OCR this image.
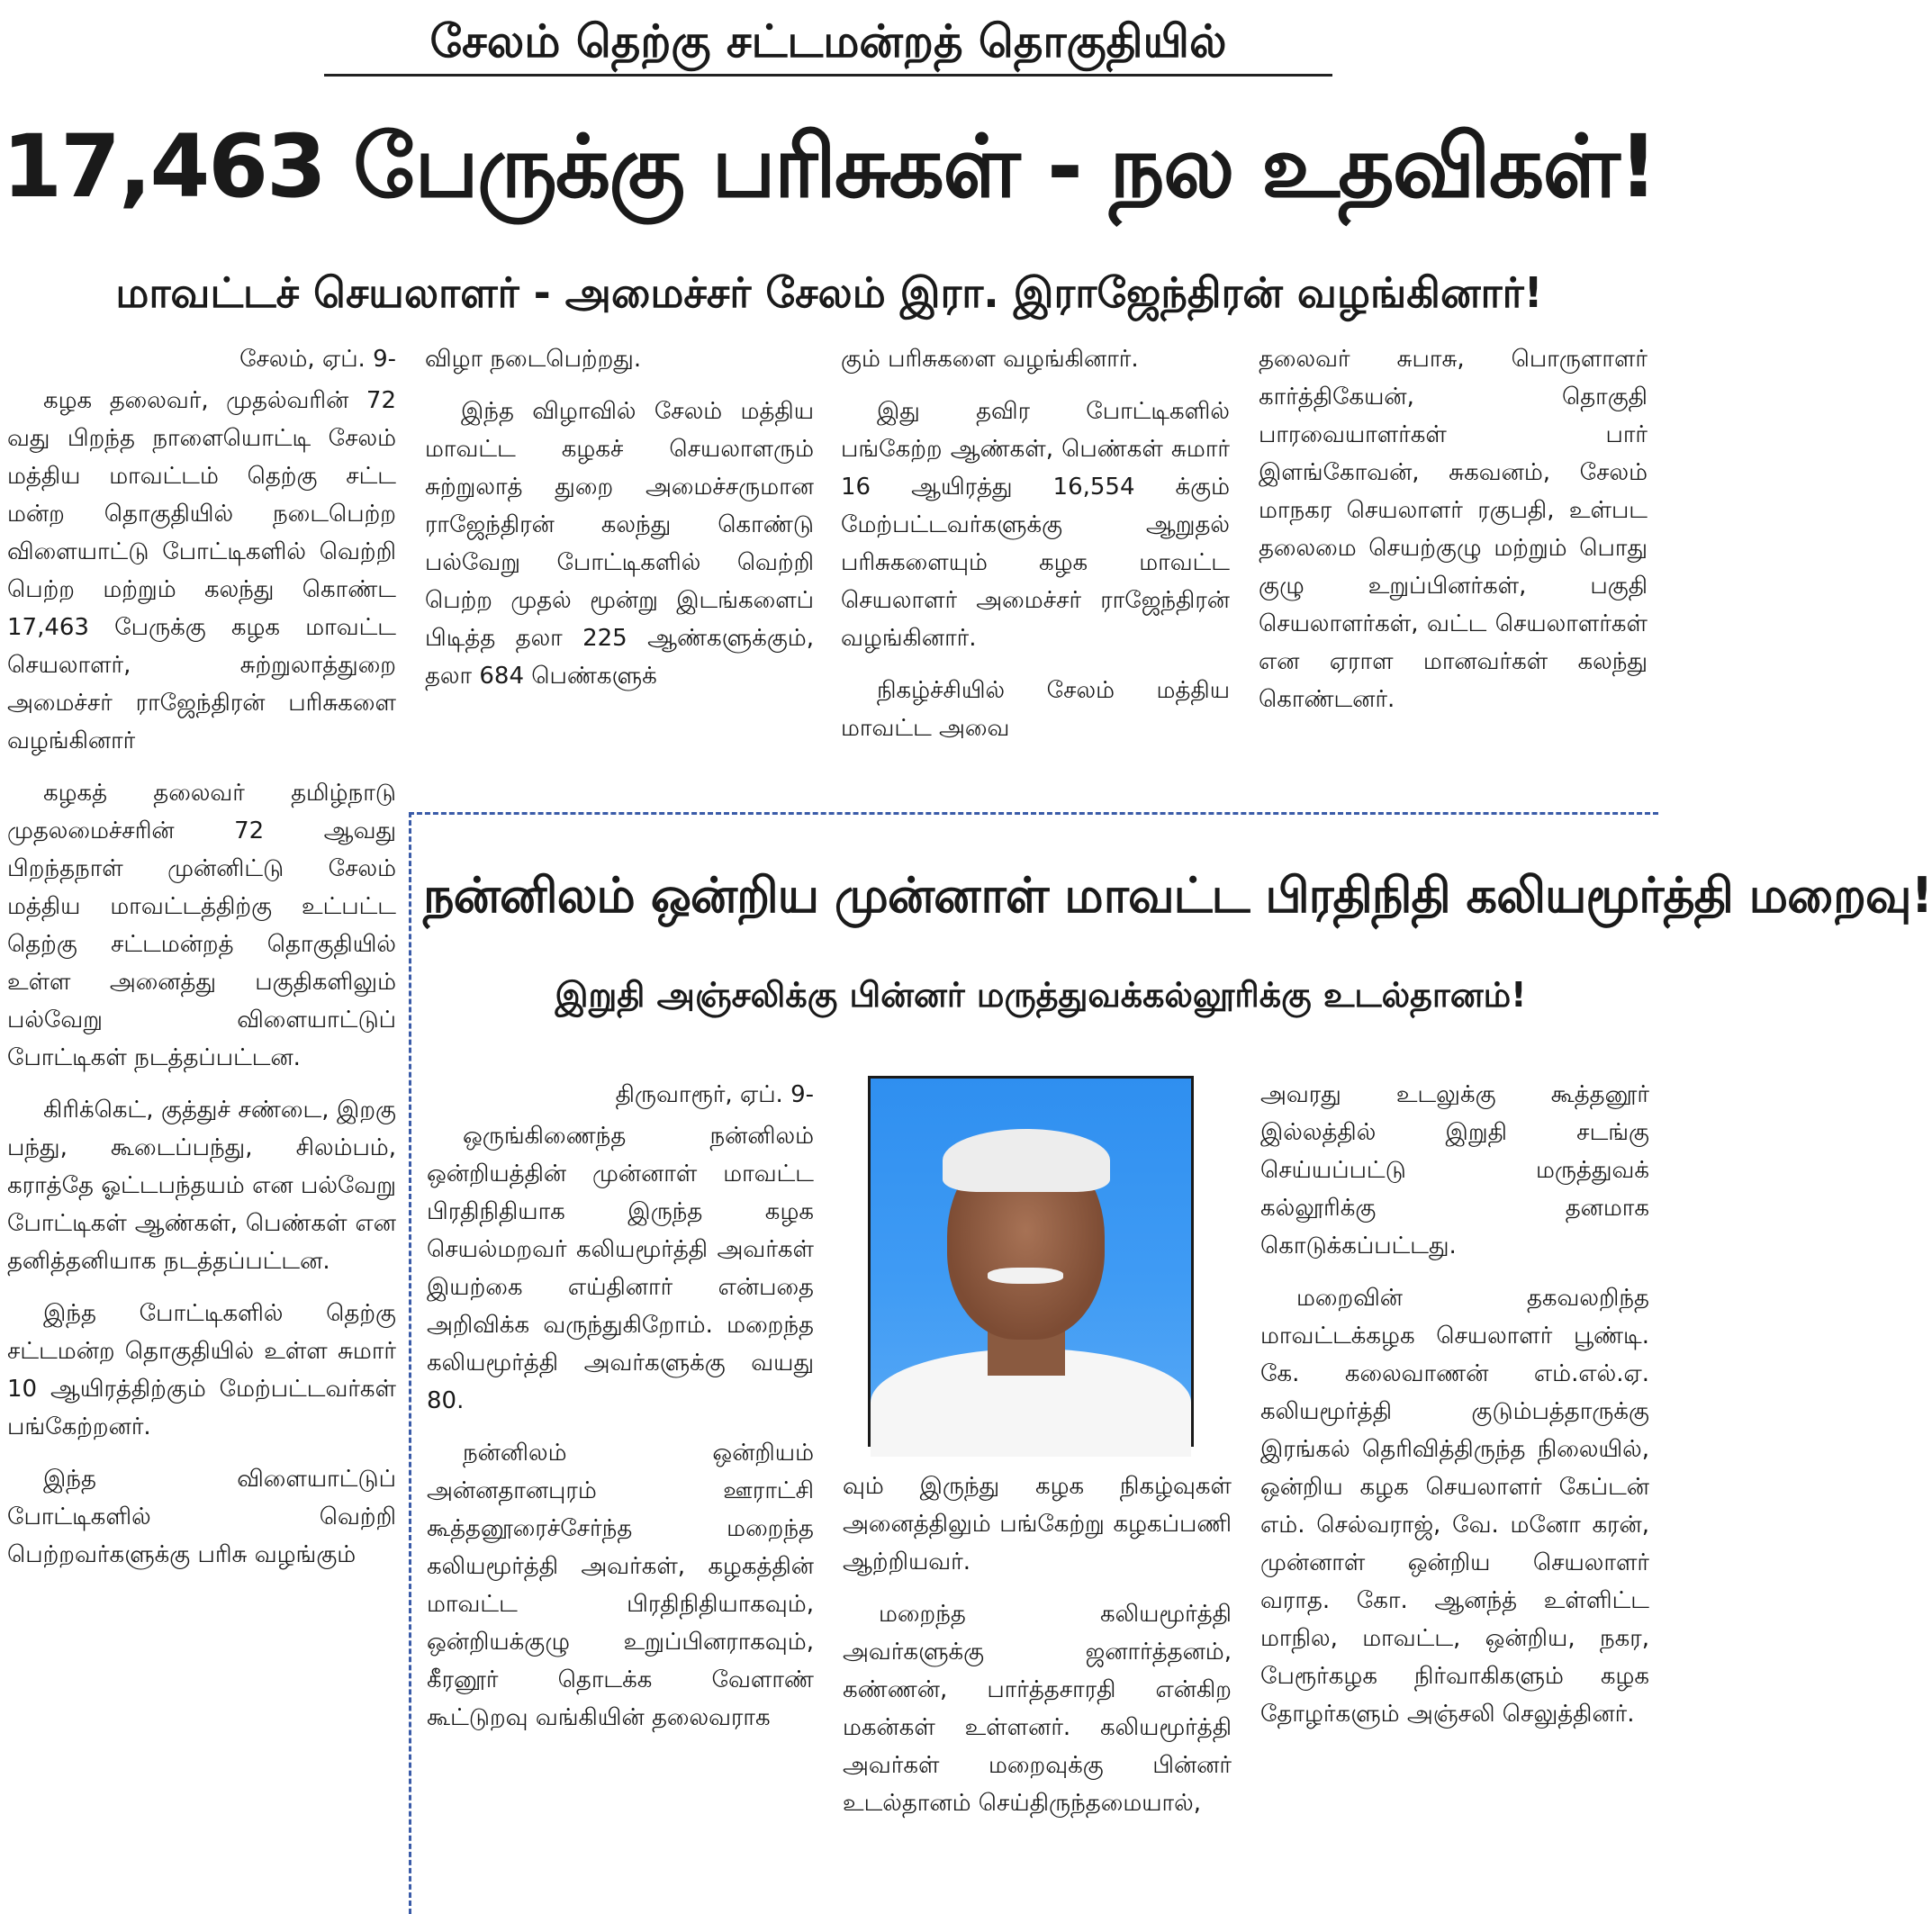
சேலம் தெற்கு சட்டமன்றத் தொகுதியில்
17,463 பேருக்கு பரிசுகள் - நல உதவிகள்!
மாவட்டச் செயலாளர் - அமைச்சர் சேலம் இரா. இராஜேந்திரன் வழங்கினார்!
சேலம், ஏப். 9-

கழக தலைவர், முதல்வரின் 72 வது பிறந்த நாளையொட்டி சேலம் மத்திய மாவட்டம் தெற்கு சட்ட மன்ற தொகுதியில் நடைபெற்ற விளையாட்டு போட்டிகளில் வெற்றி பெற்ற மற்றும் கலந்து கொண்ட 17,463 பேருக்கு கழக மாவட்ட செயலாளர், சுற்றுலாத்துறை அமைச்சர் ராஜேந்திரன் பரிசுகளை வழங்கினார்

கழகத் தலைவர் தமிழ்நாடு முதலமைச்சரின் 72 ஆவது பிறந்தநாள் முன்னிட்டு சேலம் மத்திய மாவட்டத்திற்கு உட்பட்ட தெற்கு சட்டமன்றத் தொகுதியில் உள்ள அனைத்து பகுதிகளிலும் பல்வேறு விளையாட்டுப் போட்டிகள் நடத்தப்பட்டன.

கிரிக்கெட், குத்துச் சண்டை, இறகு பந்து, கூடைப்பந்து, சிலம்பம், கராத்தே ஓட்டபந்தயம் என பல்வேறு போட்டிகள் ஆண்கள், பெண்கள் என தனித்தனியாக நடத்தப்பட்டன.

இந்த போட்டிகளில் தெற்கு சட்டமன்ற தொகுதியில் உள்ள சுமார் 10 ஆயிரத்திற்கும் மேற்பட்டவர்கள் பங்கேற்றனர்.

இந்த விளையாட்டுப் போட்டிகளில் வெற்றி பெற்றவர்களுக்கு பரிசு வழங்கும்

விழா நடைபெற்றது.

இந்த விழாவில் சேலம் மத்திய மாவட்ட கழகச் செயலாளரும் சுற்றுலாத் துறை அமைச்சருமான ராஜேந்திரன் கலந்து கொண்டு பல்வேறு போட்டிகளில் வெற்றி பெற்ற முதல் மூன்று இடங்களைப் பிடித்த தலா 225 ஆண்களுக்கும், தலா 684 பெண்களுக்

கும் பரிசுகளை வழங்கினார்.

இது தவிர போட்டிகளில் பங்கேற்ற ஆண்கள், பெண்கள் சுமார் 16 ஆயிரத்து 16,554 க்கும் மேற்பட்டவர்களுக்கு ஆறுதல் பரிசுகளையும் கழக மாவட்ட செயலாளர் அமைச்சர் ராஜேந்திரன் வழங்கினார்.

நிகழ்ச்சியில் சேலம் மத்திய மாவட்ட அவை

தலைவர் சுபாசு, பொருளாளர் கார்த்திகேயன், தொகுதி பாரவையாளர்கள் பார் இளங்கோவன், சுகவனம், சேலம் மாநகர செயலாளர் ரகுபதி, உள்பட தலைமை செயற்குழு மற்றும் பொது குழு உறுப்பினர்கள், பகுதி செயலாளர்கள், வட்ட செயலாளர்கள் என ஏராள மானவர்கள் கலந்து கொண்டனர்.

நன்னிலம் ஒன்றிய முன்னாள் மாவட்ட பிரதிநிதி கலியமூர்த்தி மறைவு!
இறுதி அஞ்சலிக்கு பின்னர் மருத்துவக்கல்லூரிக்கு உடல்தானம்!
திருவாரூர், ஏப். 9-

ஒருங்கிணைந்த நன்னிலம் ஒன்றியத்தின் முன்னாள் மாவட்ட பிரதிநிதியாக இருந்த கழக செயல்மறவர் கலியமூர்த்தி அவர்கள் இயற்கை எய்தினார் என்பதை அறிவிக்க வருந்துகிறோம். மறைந்த கலியமூர்த்தி அவர்களுக்கு வயது 80.

நன்னிலம் ஒன்றியம் அன்னதானபுரம் ஊராட்சி கூத்தனூரைச்சேர்ந்த மறைந்த கலியமூர்த்தி அவர்கள், கழகத்தின் மாவட்ட பிரதிநிதியாகவும், ஒன்றியக்குழு உறுப்பினராகவும், கீரனூர் தொடக்க வேளாண் கூட்டுறவு வங்கியின் தலைவராக

வும் இருந்து கழக நிகழ்வுகள் அனைத்திலும் பங்கேற்று கழகப்பணி ஆற்றியவர்.

மறைந்த கலியமூர்த்தி அவர்களுக்கு ஜனார்த்தனம், கண்ணன், பார்த்தசாரதி என்கிற மகன்கள் உள்ளனர். கலியமூர்த்தி அவர்கள் மறைவுக்கு பின்னர் உடல்தானம் செய்திருந்தமையால்,

அவரது உடலுக்கு கூத்தனூர் இல்லத்தில் இறுதி சடங்கு செய்யப்பட்டு மருத்துவக் கல்லூரிக்கு தனமாக கொடுக்கப்பட்டது.

மறைவின் தகவலறிந்த மாவட்டக்கழக செயலாளர் பூண்டி. கே. கலைவாணன் எம்.எல்.ஏ. கலியமூர்த்தி குடும்பத்தாருக்கு இரங்கல் தெரிவித்திருந்த நிலையில், ஒன்றிய கழக செயலாளர் கேப்டன் எம். செல்வராஜ், வே. மனோ கரன், முன்னாள் ஒன்றிய செயலாளர் வராத. கோ. ஆனந்த் உள்ளிட்ட மாநில, மாவட்ட, ஒன்றிய, நகர, பேரூர்கழக நிர்வாகிகளும் கழக தோழர்களும் அஞ்சலி செலுத்தினர்.
